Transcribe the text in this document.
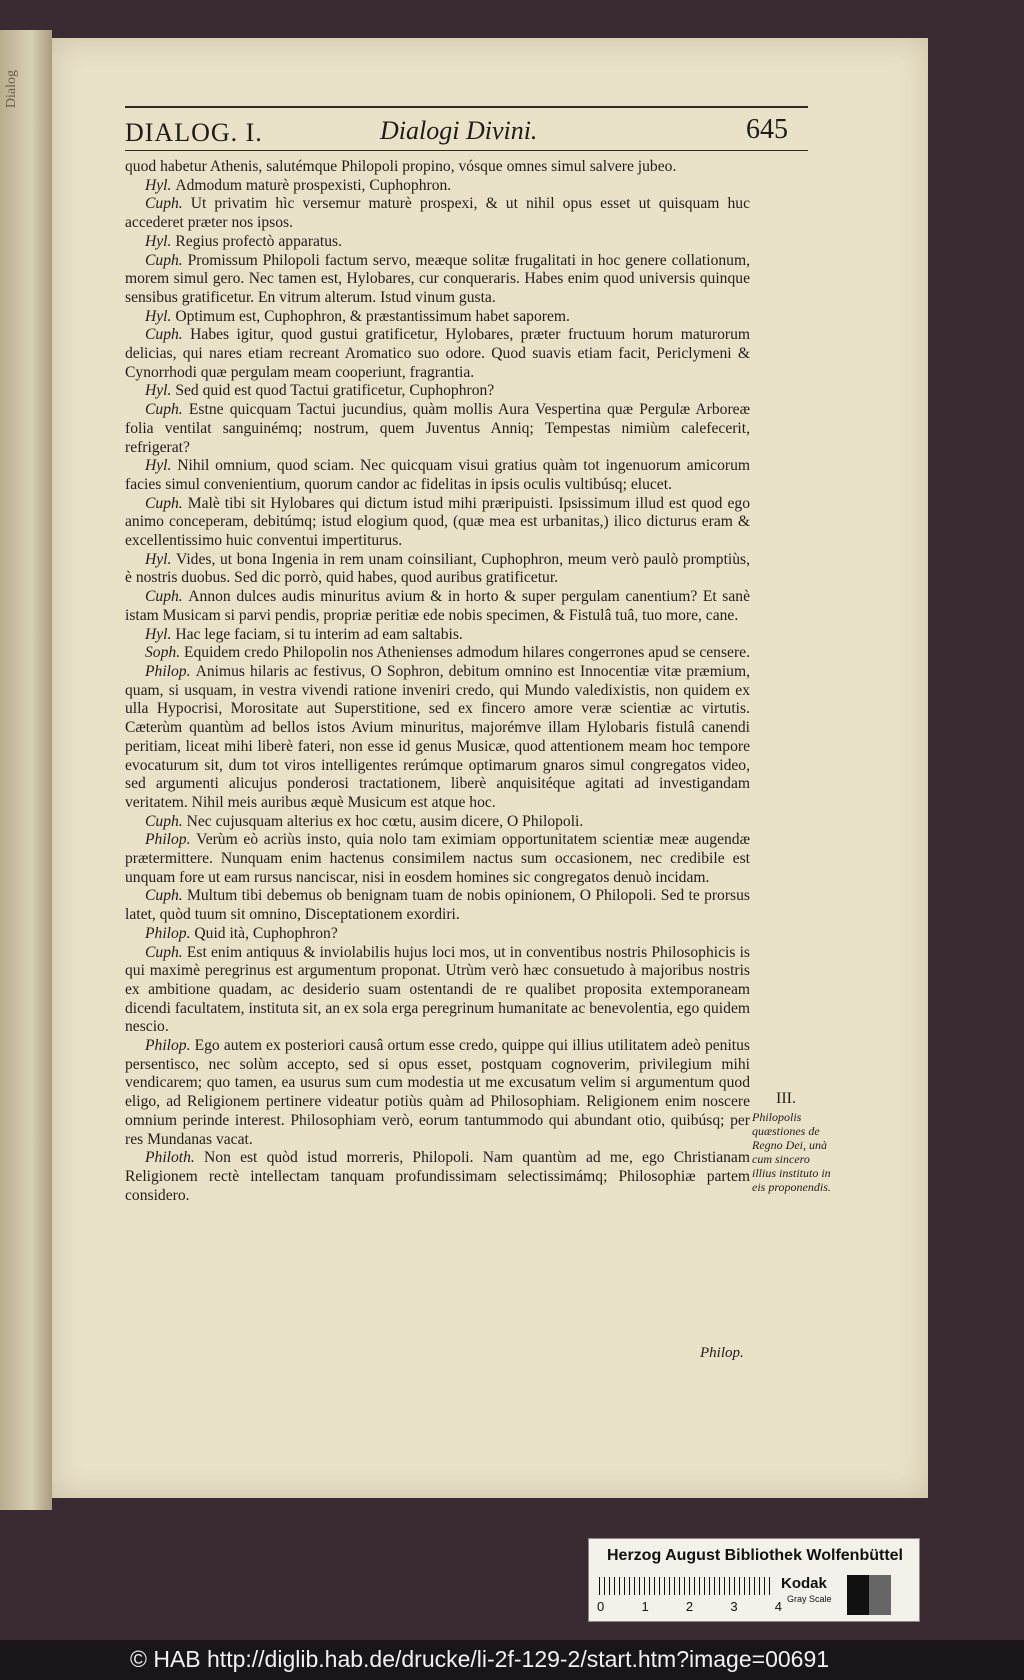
Dialog
DIALOG. I.	Dialogi Divini.	645

quod habetur Athenis, salutémque Philopoli propino, vósque omnes simul salvere jubeo.

Hyl. Admodum maturè prospexisti, Cuphophron.

Cuph. Ut privatim hìc versemur maturè prospexi, & ut nihil opus esset ut quisquam huc accederet præter nos ipsos.

Hyl. Regius profectò apparatus.

Cuph. Promissum Philopoli factum servo, meæque solitæ frugalitati in hoc genere collationum, morem simul gero. Nec tamen est, Hylobares, cur conqueraris. Habes enim quod universis quinque sensibus gratificetur. En vitrum alterum. Istud vinum gusta.

Hyl. Optimum est, Cuphophron, & præstantissimum habet saporem.

Cuph. Habes igitur, quod gustui gratificetur, Hylobares, præter fructuum horum maturorum delicias, qui nares etiam recreant Aromatico suo odore. Quod suavis etiam facit, Periclymeni & Cynorrhodi quæ pergulam meam cooperiunt, fragrantia.

Hyl. Sed quid est quod Tactui gratificetur, Cuphophron?

Cuph. Estne quicquam Tactui jucundius, quàm mollis Aura Vespertina quæ Pergulæ Arboreæ folia ventilat sanguinémq; nostrum, quem Juventus Anniq; Tempestas nimiùm calefecerit, refrigerat?

Hyl. Nihil omnium, quod sciam. Nec quicquam visui gratius quàm tot ingenuorum amicorum facies simul convenientium, quorum candor ac fidelitas in ipsis oculis vultibúsq; elucet.

Cuph. Malè tibi sit Hylobares qui dictum istud mihi præripuisti. Ipsissimum illud est quod ego animo conceperam, debitúmq; istud elogium quod, (quæ mea est urbanitas,) ilico dicturus eram & excellentissimo huic conventui impertiturus.

Hyl. Vides, ut bona Ingenia in rem unam coinsiliant, Cuphophron, meum verò paulò promptiùs, è nostris duobus. Sed dic porrò, quid habes, quod auribus gratificetur.

Cuph. Annon dulces audis minuritus avium & in horto & super pergulam canentium? Et sanè istam Musicam si parvi pendis, propriæ peritiæ ede nobis specimen, & Fistulâ tuâ, tuo more, cane.

Hyl. Hac lege faciam, si tu interim ad eam saltabis.

Soph. Equidem credo Philopolin nos Athenienses admodum hilares congerrones apud se censere.

Philop. Animus hilaris ac festivus, O Sophron, debitum omnino est Innocentiæ vitæ præmium, quam, si usquam, in vestra vivendi ratione inveniri credo, qui Mundo valedixistis, non quidem ex ulla Hypocrisi, Morositate aut Superstitione, sed ex fincero amore veræ scientiæ ac virtutis. Cæterùm quantùm ad bellos istos Avium minuritus, majorémve illam Hylobaris fistulâ canendi peritiam, liceat mihi liberè fateri, non esse id genus Musicæ, quod attentionem meam hoc tempore evocaturum sit, dum tot viros intelligentes rerúmque optimarum gnaros simul congregatos video, sed argumenti alicujus ponderosi tractationem, liberè anquisitéque agitati ad investigandam veritatem. Nihil meis auribus æquè Musicum est atque hoc.

Cuph. Nec cujusquam alterius ex hoc cœtu, ausim dicere, O Philopoli.

Philop. Verùm eò acriùs insto, quia nolo tam eximiam opportunitatem scientiæ meæ augendæ prætermittere. Nunquam enim hactenus consimilem nactus sum occasionem, nec credibile est unquam fore ut eam rursus nanciscar, nisi in eosdem homines sic congregatos denuò incidam.

Cuph. Multum tibi debemus ob benignam tuam de nobis opinionem, O Philopoli. Sed te prorsus latet, quòd tuum sit omnino, Disceptationem exordiri.

Philop. Quid ità, Cuphophron?

Cuph. Est enim antiquus & inviolabilis hujus loci mos, ut in conventibus nostris Philosophicis is qui maximè peregrinus est argumentum proponat. Utrùm verò hæc consuetudo à majoribus nostris ex ambitione quadam, ac desiderio suam ostentandi de re qualibet proposita extemporaneam dicendi facultatem, instituta sit, an ex sola erga peregrinum humanitate ac benevolentia, ego quidem nescio.

Philop. Ego autem ex posteriori causâ ortum esse credo, quippe qui illius utilitatem adeò penitus persentisco, nec solùm accepto, sed si opus esset, postquam cognoverim, privilegium mihi vendicarem; quo tamen, ea usurus sum cum modestia ut me excusatum velim si argumentum quod eligo, ad Religionem pertinere videatur potiùs quàm ad Philosophiam. Religionem enim noscere omnium perinde interest. Philosophiam verò, eorum tantummodo qui abundant otio, quibúsq; per res Mundanas vacat.

Philoth. Non est quòd istud morreris, Philopoli. Nam quantùm ad me, ego Christianam Religionem rectè intellectam tanquam profundissimam selectissimámq; Philosophiæ partem considero.

III.
Philopolis quæstiones de Regno Dei, unà cum sincero illius instituto in eis proponendis.
Philop.
Herzog August Bibliothek Wolfenbüttel
0	1	2	3	4
Kodak
Gray Scale
© HAB http://diglib.hab.de/drucke/li-2f-129-2/start.htm?image=00691
